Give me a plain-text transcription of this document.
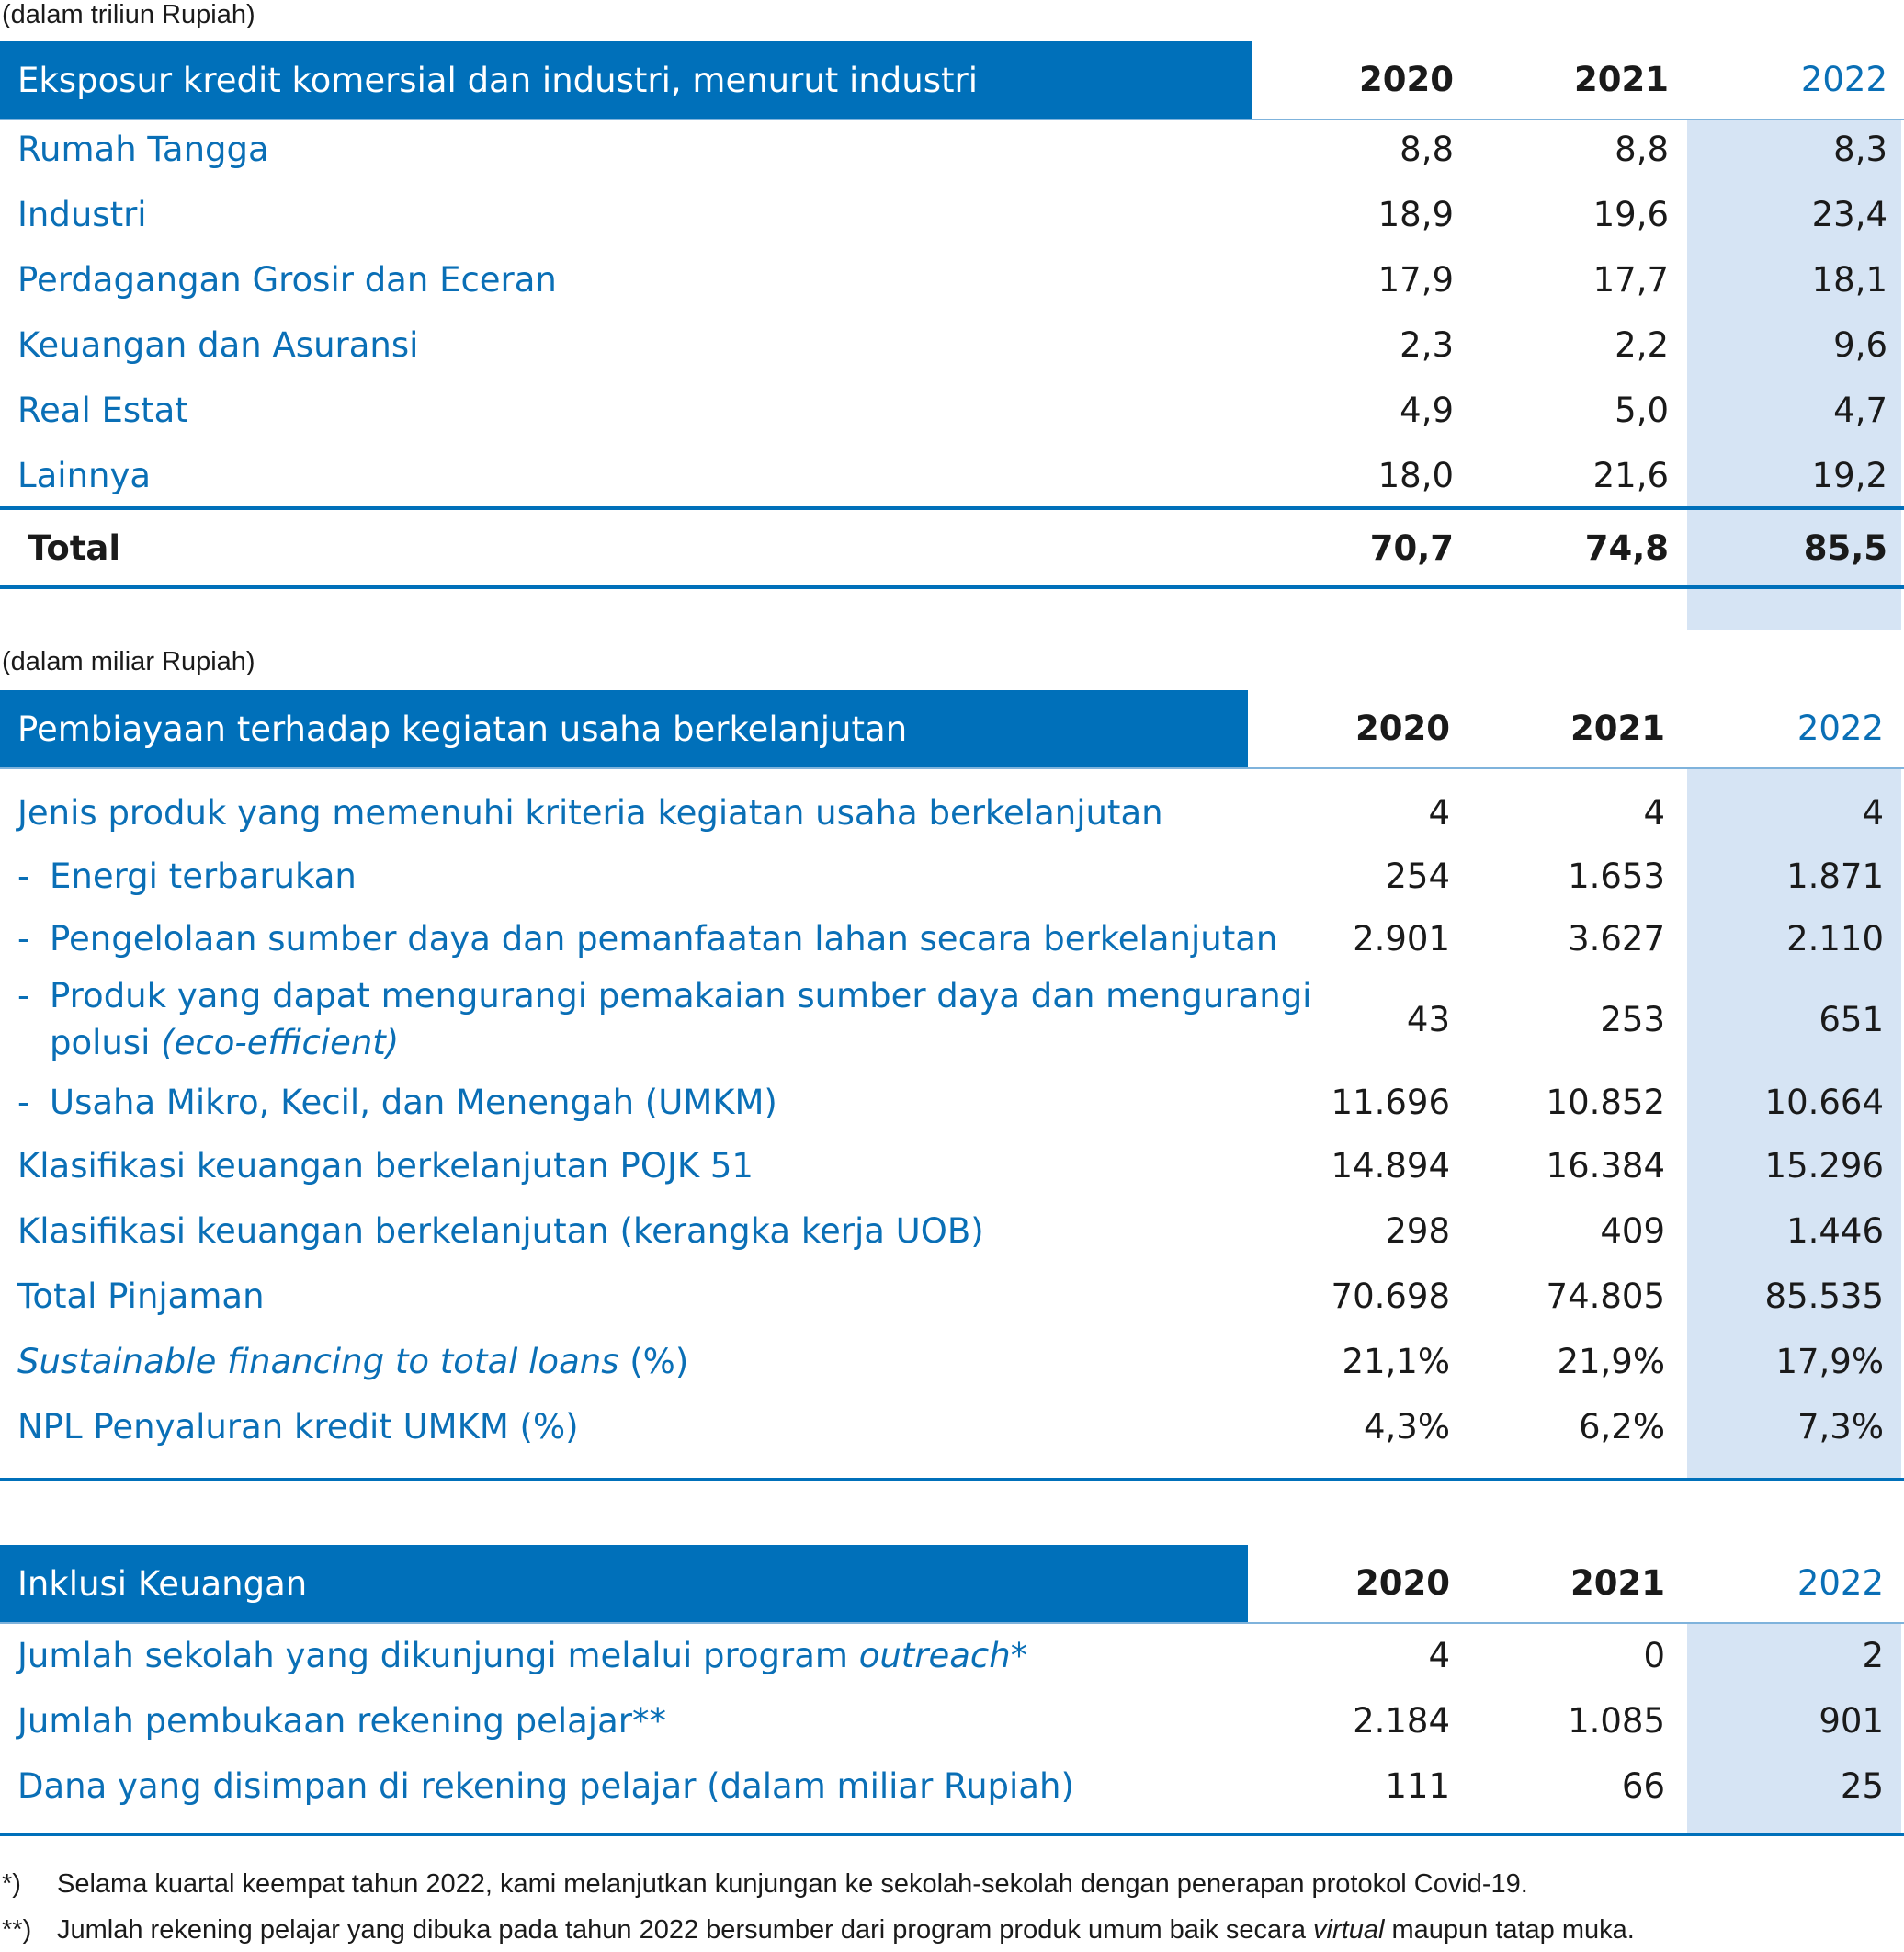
(dalam triliun Rupiah)
Eksposur kredit komersial dan industri, menurut industri	2020	2021	2022
Rumah Tangga	8,8	8,8	8,3
Industri	18,9	19,6	23,4
Perdagangan Grosir dan Eceran	17,9	17,7	18,1
Keuangan dan Asuransi	2,3	2,2	9,6
Real Estat	4,9	5,0	4,7
Lainnya	18,0	21,6	19,2
Total	70,7	74,8	85,5
(dalam miliar Rupiah)
Pembiayaan terhadap kegiatan usaha berkelanjutan	2020	2021	2022
Jenis produk yang memenuhi kriteria kegiatan usaha berkelanjutan	4	4	4
- Energi terbarukan	254	1.653	1.871
- Pengelolaan sumber daya dan pemanfaatan lahan secara berkelanjutan 2.901	3.627	2.110
- Produk yang dapat mengurangi pemakaian sumber daya dan mengurangi
polusi (eco-efficient)
43	253	651
- Usaha Mikro, Kecil, dan Menengah (UMKM)	11.696	10.852	10.664
Klasifikasi keuangan berkelanjutan POJK 51	14.894	16.384	15.296
Klasifikasi keuangan berkelanjutan (kerangka kerja UOB)	298	409	1.446
Total Pinjaman	70.698	74.805	85.535
Sustainable financing to total loans (%)	21,1%	21,9%	17,9%
NPL Penyaluran kredit UMKM (%)	4,3%	6,2%	7,3%
Inklusi Keuangan	2020	2021	2022
Jumlah sekolah yang dikunjungi melalui program outreach*	4	0	2
Jumlah pembukaan rekening pelajar**	2.184	1.085	901
Dana yang disimpan di rekening pelajar (dalam miliar Rupiah)	111	66	25
*) Selama kuartal keempat tahun 2022, kami melanjutkan kunjungan ke sekolah-sekolah dengan penerapan protokol Covid-19.
**) Jumlah rekening pelajar yang dibuka pada tahun 2022 bersumber dari program produk umum baik secara virtual maupun tatap muka.
